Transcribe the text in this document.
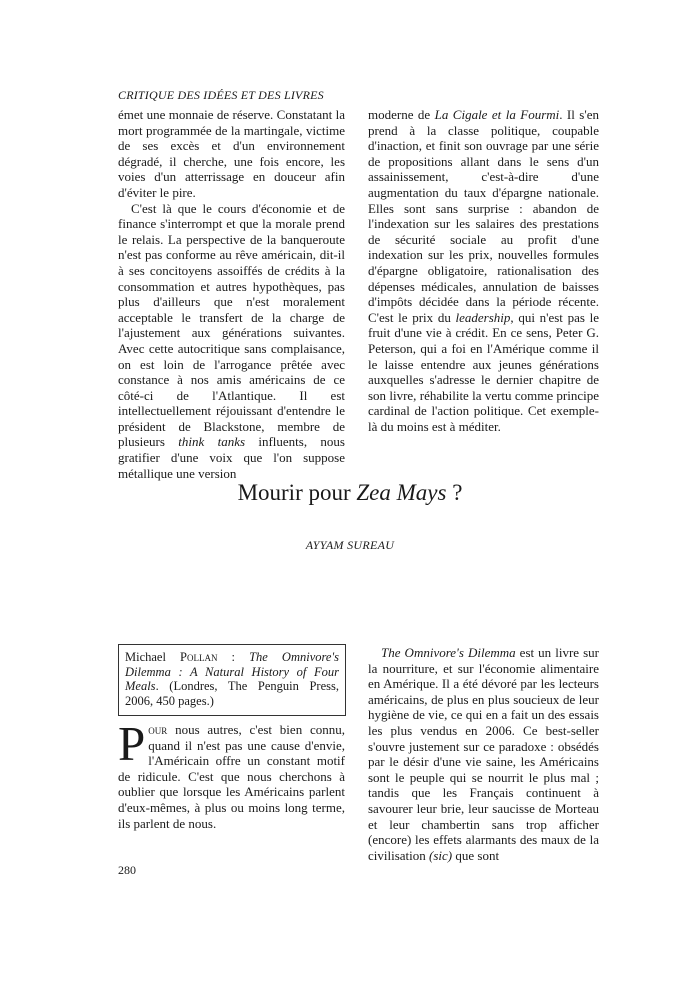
CRITIQUE DES IDÉES ET DES LIVRES

émet une monnaie de réserve. Constatant la mort programmée de la martingale, victime de ses excès et d'un environnement dégradé, il cherche, une fois encore, les voies d'un atterrissage en douceur afin d'éviter le pire.

C'est là que le cours d'économie et de finance s'interrompt et que la morale prend le relais. La perspective de la banqueroute n'est pas conforme au rêve américain, dit-il à ses concitoyens assoiffés de crédits à la consommation et autres hypothèques, pas plus d'ailleurs que n'est moralement acceptable le transfert de la charge de l'ajustement aux générations suivantes. Avec cette autocritique sans complaisance, on est loin de l'arrogance prêtée avec constance à nos amis américains de ce côté-ci de l'Atlantique. Il est intellectuellement réjouissant d'entendre le président de Blackstone, membre de plusieurs think tanks influents, nous gratifier d'une voix que l'on suppose métallique une version

moderne de La Cigale et la Fourmi. Il s'en prend à la classe politique, coupable d'inaction, et finit son ouvrage par une série de propositions allant dans le sens d'un assainissement, c'est-à-dire d'une augmentation du taux d'épargne nationale. Elles sont sans surprise : abandon de l'indexation sur les salaires des prestations de sécurité sociale au profit d'une indexation sur les prix, nouvelles formules d'épargne obligatoire, rationalisation des dépenses médicales, annulation de baisses d'impôts décidée dans la période récente. C'est le prix du leadership, qui n'est pas le fruit d'une vie à crédit. En ce sens, Peter G. Peterson, qui a foi en l'Amérique comme il le laisse entendre aux jeunes générations auxquelles s'adresse le dernier chapitre de son livre, réhabilite la vertu comme principe cardinal de l'action politique. Cet exemple-là du moins est à méditer.

Mourir pour Zea Mays ?
AYYAM SUREAU
Michael Pollan : The Omnivore's Dilemma : A Natural History of Four Meals. (Londres, The Penguin Press, 2006, 450 pages.)

Pour nous autres, c'est bien connu, quand il n'est pas une cause d'envie, l'Américain offre un constant motif de ridicule. C'est que nous cherchons à oublier que lorsque les Américains parlent d'eux-mêmes, à plus ou moins long terme, ils parlent de nous.

The Omnivore's Dilemma est un livre sur la nourriture, et sur l'économie alimentaire en Amérique. Il a été dévoré par les lecteurs américains, de plus en plus soucieux de leur hygiène de vie, ce qui en a fait un des essais les plus vendus en 2006. Ce best-seller s'ouvre justement sur ce paradoxe : obsédés par le désir d'une vie saine, les Américains sont le peuple qui se nourrit le plus mal ; tandis que les Français continuent à savourer leur brie, leur saucisse de Morteau et leur chambertin sans trop afficher (encore) les effets alarmants des maux de la civilisation (sic) que sont

280
